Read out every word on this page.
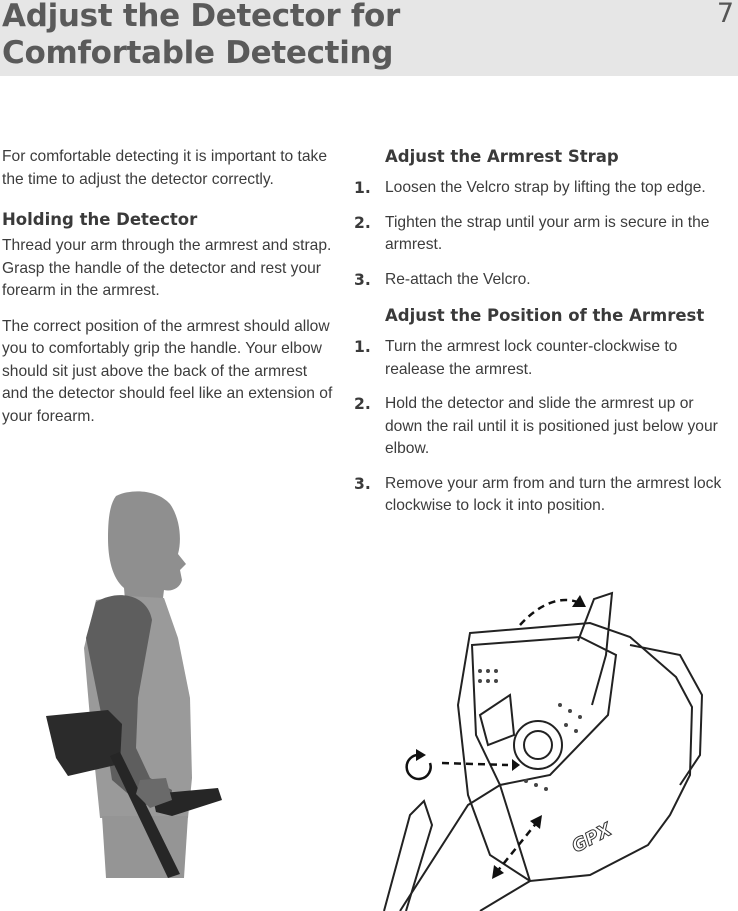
Adjust the Detector for
Comfortable Detecting
7

For comfortable detecting it is important to take the time to adjust the detector correctly.

Holding the Detector

Thread your arm through the armrest and strap. Grasp the handle of the detector and rest your forearm in the armrest.

The correct position of the armrest should allow you to comfortably grip the handle. Your elbow should sit just above the back of the armrest and the detector should feel like an extension of your forearm.

Adjust the Armrest Strap
1. Loosen the Velcro strap by lifting the top edge.
2. Tighten the strap until your arm is secure in the armrest.
3. Re-attach the Velcro.
Adjust the Position of the Armrest
1. Turn the armrest lock counter-clockwise to realease the armrest.
2. Hold the detector and slide the armrest up or down the rail until it is positioned just below your elbow.
3. Remove your arm from and turn the armrest lock clockwise to lock it into position.
GPX
